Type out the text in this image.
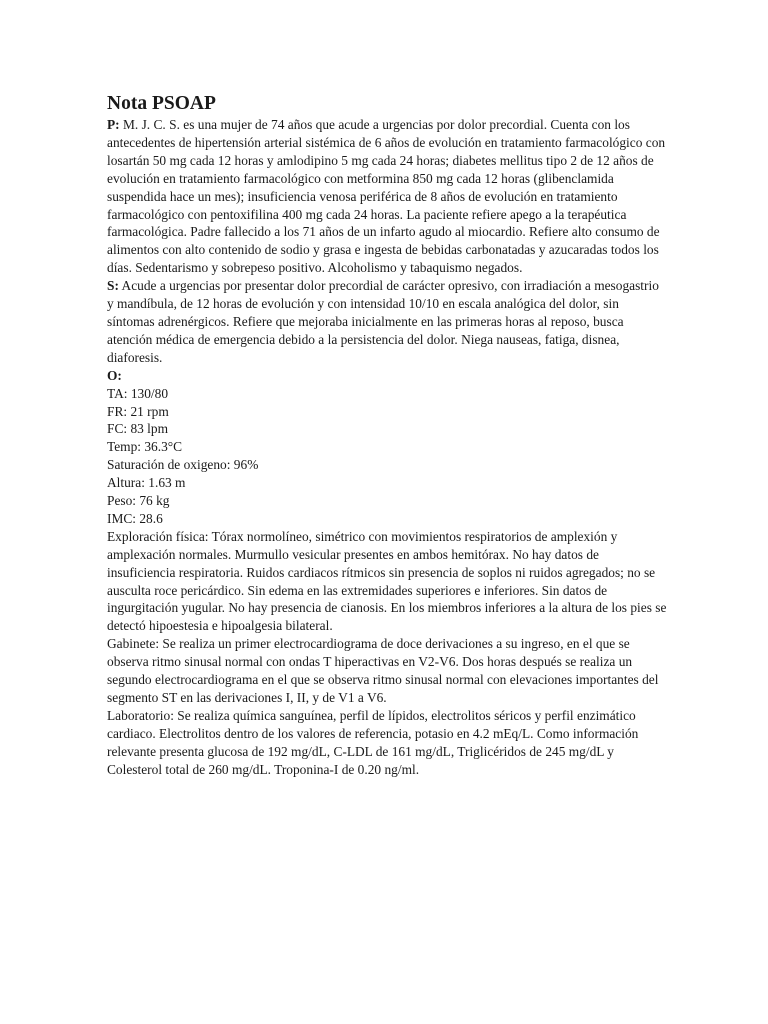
Nota PSOAP

P: M. J. C. S. es una mujer de 74 años que acude a urgencias por dolor precordial. Cuenta con los antecedentes de hipertensión arterial sistémica de 6 años de evolución en tratamiento farmacológico con losartán 50 mg cada 12 horas y amlodipino 5 mg cada 24 horas; diabetes mellitus tipo 2 de 12 años de evolución en tratamiento farmacológico con metformina 850 mg cada 12 horas (glibenclamida suspendida hace un mes); insuficiencia venosa periférica de 8 años de evolución en tratamiento farmacológico con pentoxifilina 400 mg cada 24 horas. La paciente refiere apego a la terapéutica farmacológica. Padre fallecido a los 71 años de un infarto agudo al miocardio. Refiere alto consumo de alimentos con alto contenido de sodio y grasa e ingesta de bebidas carbonatadas y azucaradas todos los días. Sedentarismo y sobrepeso positivo. Alcoholismo y tabaquismo negados.

S: Acude a urgencias por presentar dolor precordial de carácter opresivo, con irradiación a mesogastrio y mandíbula, de 12 horas de evolución y con intensidad 10/10 en escala analógica del dolor, sin síntomas adrenérgicos. Refiere que mejoraba inicialmente en las primeras horas al reposo, busca atención médica de emergencia debido a la persistencia del dolor. Niega nauseas, fatiga, disnea, diaforesis.

O:

TA: 130/80
FR: 21 rpm
FC: 83 lpm
Temp: 36.3°C
Saturación de oxigeno: 96%
Altura: 1.63 m
Peso: 76 kg
IMC: 28.6

Exploración física: Tórax normolíneo, simétrico con movimientos respiratorios de amplexión y amplexación normales. Murmullo vesicular presentes en ambos hemitórax. No hay datos de insuficiencia respiratoria. Ruidos cardiacos rítmicos sin presencia de soplos ni ruidos agregados; no se ausculta roce pericárdico. Sin edema en las extremidades superiores e inferiores. Sin datos de ingurgitación yugular. No hay presencia de cianosis. En los miembros inferiores a la altura de los pies se detectó hipoestesia e hipoalgesia bilateral.

Gabinete: Se realiza un primer electrocardiograma de doce derivaciones a su ingreso, en el que se observa ritmo sinusal normal con ondas T hiperactivas en V2-V6. Dos horas después se realiza un segundo electrocardiograma en el que se observa ritmo sinusal normal con elevaciones importantes del segmento ST en las derivaciones I, II, y de V1 a V6.

Laboratorio: Se realiza química sanguínea, perfil de lípidos, electrolitos séricos y perfil enzimático cardiaco. Electrolitos dentro de los valores de referencia, potasio en 4.2 mEq/L. Como información relevante presenta glucosa de 192 mg/dL, C-LDL de 161 mg/dL, Triglicéridos de 245 mg/dL y Colesterol total de 260 mg/dL. Troponina-I de 0.20 ng/ml.
